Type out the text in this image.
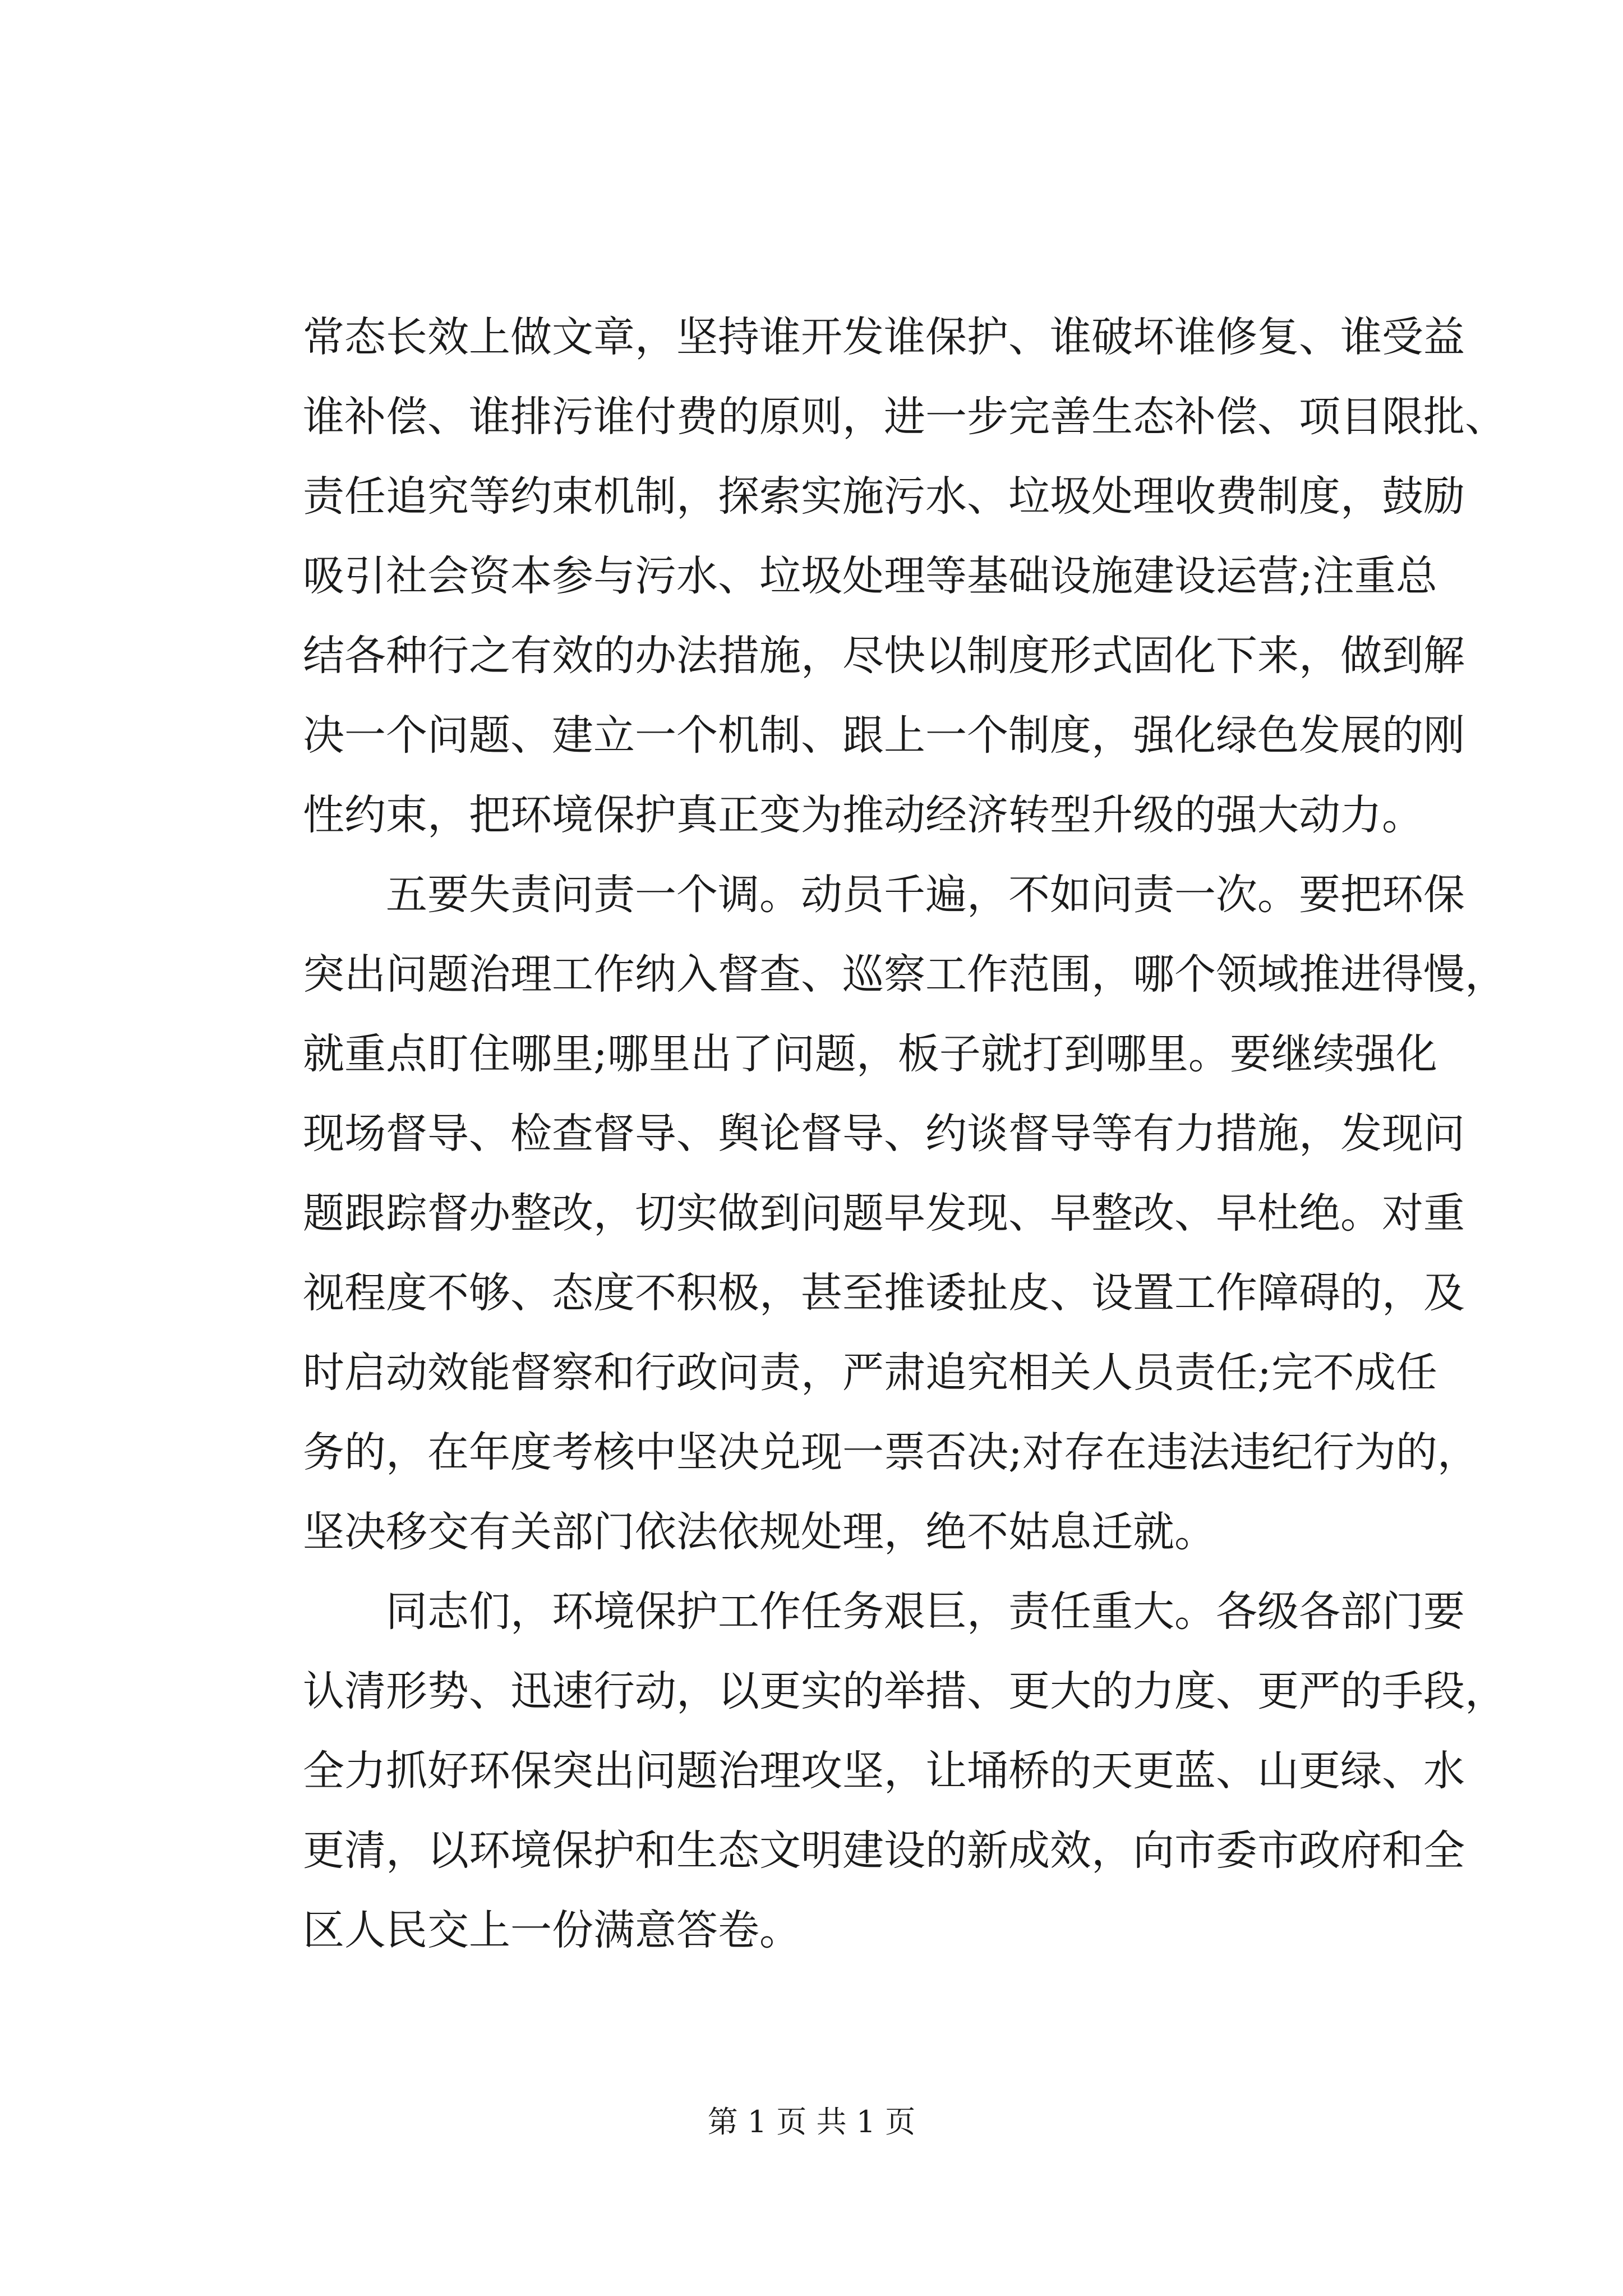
常态长效上做文章，坚持谁开发谁保护、谁破坏谁修复、谁受益
谁补偿、谁排污谁付费的原则，进一步完善生态补偿、项目限批、
责任追究等约束机制，探索实施污水、垃圾处理收费制度，鼓励
吸引社会资本参与污水、垃圾处理等基础设施建设运营;注重总
结各种行之有效的办法措施，尽快以制度形式固化下来，做到解
决一个问题、建立一个机制、跟上一个制度，强化绿色发展的刚
性约束，把环境保护真正变为推动经济转型升级的强大动力。
五要失责问责一个调。动员千遍，不如问责一次。要把环保
突出问题治理工作纳入督查、巡察工作范围，哪个领域推进得慢，
就重点盯住哪里;哪里出了问题，板子就打到哪里。要继续强化
现场督导、检查督导、舆论督导、约谈督导等有力措施，发现问
题跟踪督办整改，切实做到问题早发现、早整改、早杜绝。对重
视程度不够、态度不积极，甚至推诿扯皮、设置工作障碍的，及
时启动效能督察和行政问责，严肃追究相关人员责任;完不成任
务的，在年度考核中坚决兑现一票否决;对存在违法违纪行为的，
坚决移交有关部门依法依规处理，绝不姑息迁就。
同志们，环境保护工作任务艰巨，责任重大。各级各部门要
认清形势、迅速行动，以更实的举措、更大的力度、更严的手段，
全力抓好环保突出问题治理攻坚，让埇桥的天更蓝、山更绿、水
更清，以环境保护和生态文明建设的新成效，向市委市政府和全
区人民交上一份满意答卷。
第 1 页 共 1 页
